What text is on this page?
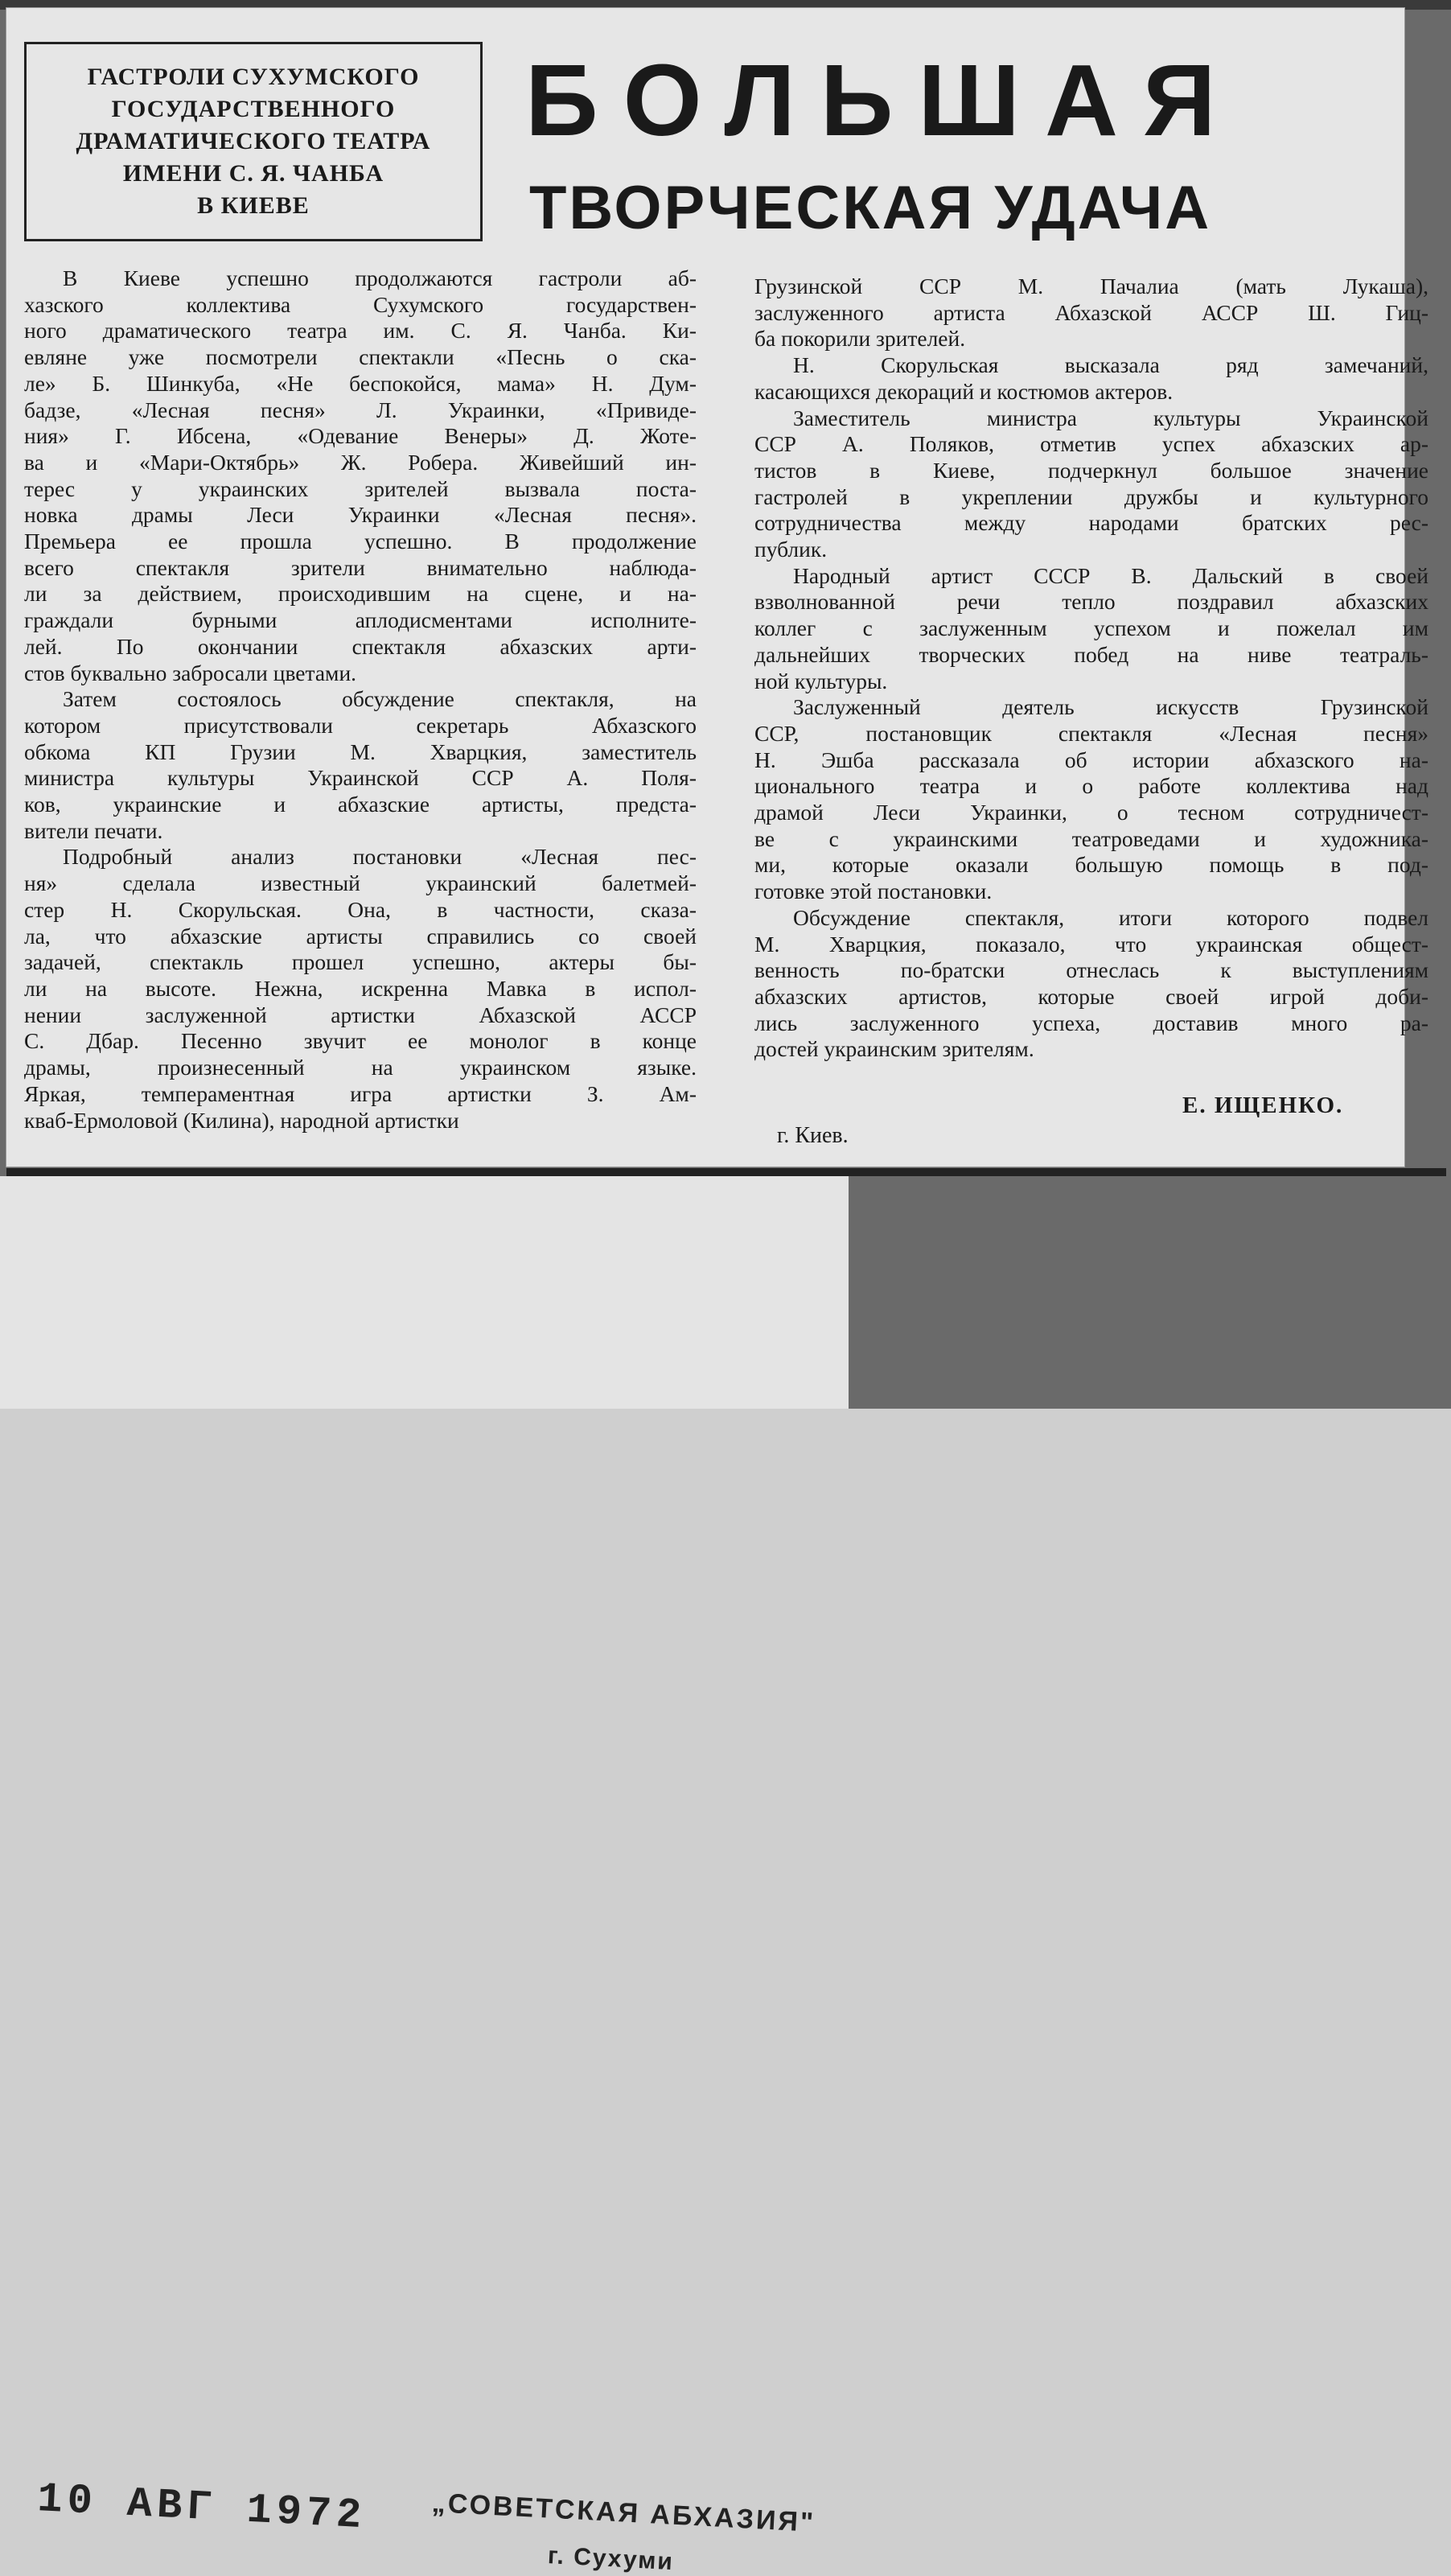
ГАСТРОЛИ СУХУМСКОГО
ГОСУДАРСТВЕННОГО
ДРАМАТИЧЕСКОГО ТЕАТРА
ИМЕНИ С. Я. ЧАНБА
В КИЕВЕ
БОЛЬШАЯ
ТВОРЧЕСКАЯ УДАЧА
В Киеве успешно продолжаются гастроли аб-
хазского коллектива Сухумского государствен-
ного драматического театра им. С. Я. Чанба. Ки-
евляне уже посмотрели спектакли «Песнь о ска-
ле» Б. Шинкуба, «Не беспокойся, мама» Н. Дум-
бадзе, «Лесная песня» Л. Украинки, «Привиде-
ния» Г. Ибсена, «Одевание Венеры» Д. Жоте-
ва и «Мари-Октябрь» Ж. Робера. Живейший ин-
терес у украинских зрителей вызвала поста-
новка драмы Леси Украинки «Лесная песня».
Премьера ее прошла успешно. В продолжение
всего спектакля зрители внимательно наблюда-
ли за действием, происходившим на сцене, и на-
граждали бурными аплодисментами исполните-
лей. По окончании спектакля абхазских арти-
стов буквально забросали цветами.
Затем состоялось обсуждение спектакля, на
котором присутствовали секретарь Абхазского
обкома КП Грузии М. Хварцкия, заместитель
министра культуры Украинской ССР А. Поля-
ков, украинские и абхазские артисты, предста-
вители печати.
Подробный анализ постановки «Лесная пес-
ня» сделала известный украинский балетмей-
стер Н. Скорульская. Она, в частности, сказа-
ла, что абхазские артисты справились со своей
задачей, спектакль прошел успешно, актеры бы-
ли на высоте. Нежна, искренна Мавка в испол-
нении заслуженной артистки Абхазской АССР
С. Дбар. Песенно звучит ее монолог в конце
драмы, произнесенный на украинском языке.
Яркая, темпераментная игра артистки З. Ам-
кваб-Ермоловой (Килина), народной артистки
Грузинской ССР М. Пачалиа (мать Лукаша),
заслуженного артиста Абхазской АССР Ш. Гиц-
ба покорили зрителей.
Н. Скорульская высказала ряд замечаний,
касающихся декораций и костюмов актеров.
Заместитель министра культуры Украинской
ССР А. Поляков, отметив успех абхазских ар-
тистов в Киеве, подчеркнул большое значение
гастролей в укреплении дружбы и культурного
сотрудничества между народами братских рес-
публик.
Народный артист СССР В. Дальский в своей
взволнованной речи тепло поздравил абхазских
коллег с заслуженным успехом и пожелал им
дальнейших творческих побед на ниве театраль-
ной культуры.
Заслуженный деятель искусств Грузинской
ССР, постановщик спектакля «Лесная песня»
Н. Эшба рассказала об истории абхазского на-
ционального театра и о работе коллектива над
драмой Леси Украинки, о тесном сотрудничест-
ве с украинскими театроведами и художника-
ми, которые оказали большую помощь в под-
готовке этой постановки.
Обсуждение спектакля, итоги которого подвел
М. Хварцкия, показало, что украинская общест-
венность по-братски отнеслась к выступлениям
абхазских артистов, которые своей игрой доби-
лись заслуженного успеха, доставив много ра-
достей украинским зрителям.
Е. ИЩЕНКО.
г. Киев.
10 АВГ 1972 „СОВЕТСКАЯ АБХАЗИЯ"
г. Сухуми
